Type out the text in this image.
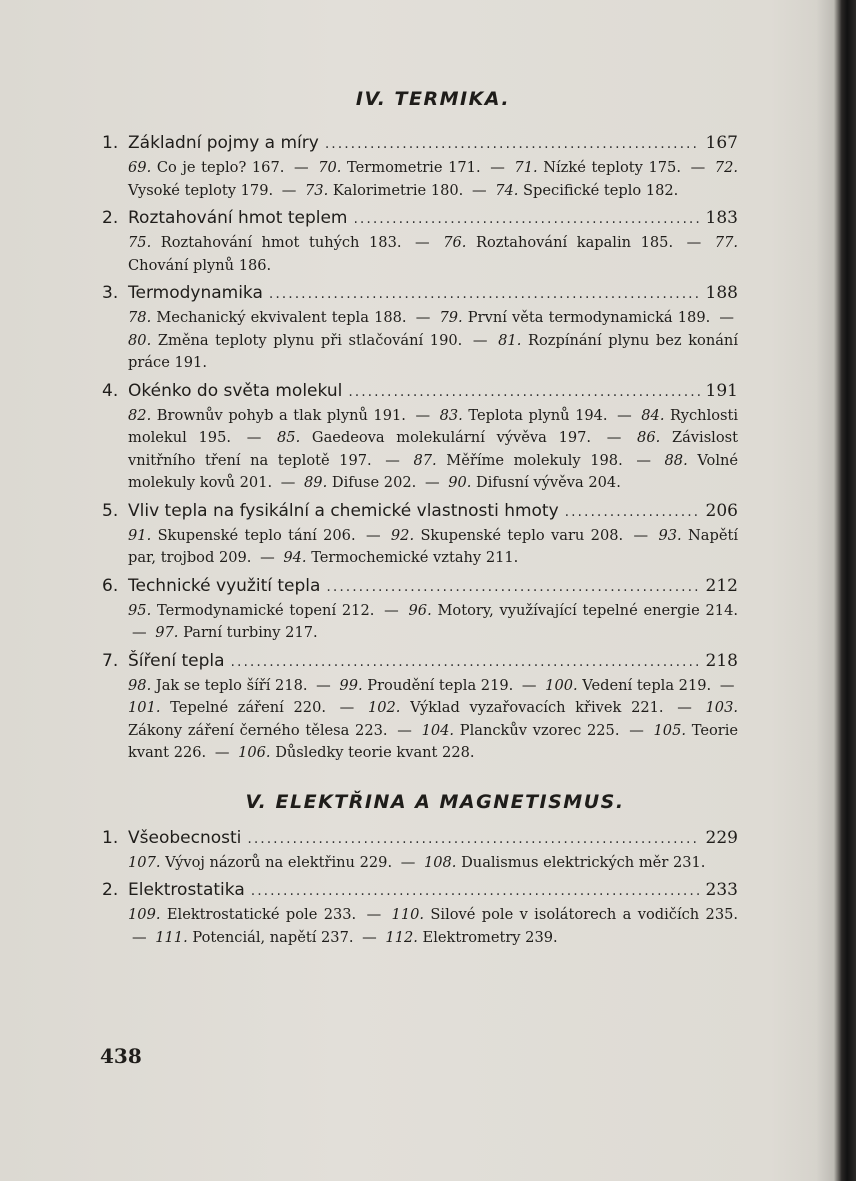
IV. TERMIKA.
1. Základní pojmy a míry .....	167
69. Co je teplo? 167. — 70. Termometrie 171. — 71. Nízké teploty 175. — 72. Vysoké teploty 179. — 73. Kalorimetrie 180. — 74. Specifické teplo 182.
2. Roztahování hmot teplem .....	183
75. Roztahování hmot tuhých 183. — 76. Roztahování kapalin 185. — 77. Chování plynů 186.
3. Termodynamika .....	188
78. Mechanický ekvivalent tepla 188. — 79. První věta termodynamická 189. — 80. Změna teploty plynu při stlačování 190. — 81. Rozpínání plynu bez konání práce 191.
4. Okénko do světa molekul .....	191
82. Brownův pohyb a tlak plynů 191. — 83. Teplota plynů 194. — 84. Rychlosti molekul 195. — 85. Gaedeova molekulární vývěva 197. — 86. Závislost vnitřního tření na teplotě 197. — 87. Měříme molekuly 198. — 88. Volné molekuly kovů 201. — 89. Difuse 202. — 90. Difusní vývěva 204.
5. Vliv tepla na fysikální a chemické vlastnosti hmoty .....	206
91. Skupenské teplo tání 206. — 92. Skupenské teplo varu 208. — 93. Napětí par, trojbod 209. — 94. Termochemické vztahy 211.
6. Technické využití tepla .....	212
95. Termodynamické topení 212. — 96. Motory, využívající tepelné energie 214. — 97. Parní turbiny 217.
7. Šíření tepla .....	218
98. Jak se teplo šíří 218. — 99. Proudění tepla 219. — 100. Vedení tepla 219. — 101. Tepelné záření 220. — 102. Výklad vyzařovacích křivek 221. — 103. Zákony záření černého tělesa 223. — 104. Planckův vzorec 225. — 105. Teorie kvant 226. — 106. Důsledky teorie kvant 228.
V. ELEKTŘINA A MAGNETISMUS.
1. Všeobecnosti .....	229
107. Vývoj názorů na elektřinu 229. — 108. Dualismus elektrických měr 231.
2. Elektrostatika .....	233
109. Elektrostatické pole 233. — 110. Silové pole v isolátorech a vodičích 235. — 111. Potenciál, napětí 237. — 112. Elektrometry 239.
438
